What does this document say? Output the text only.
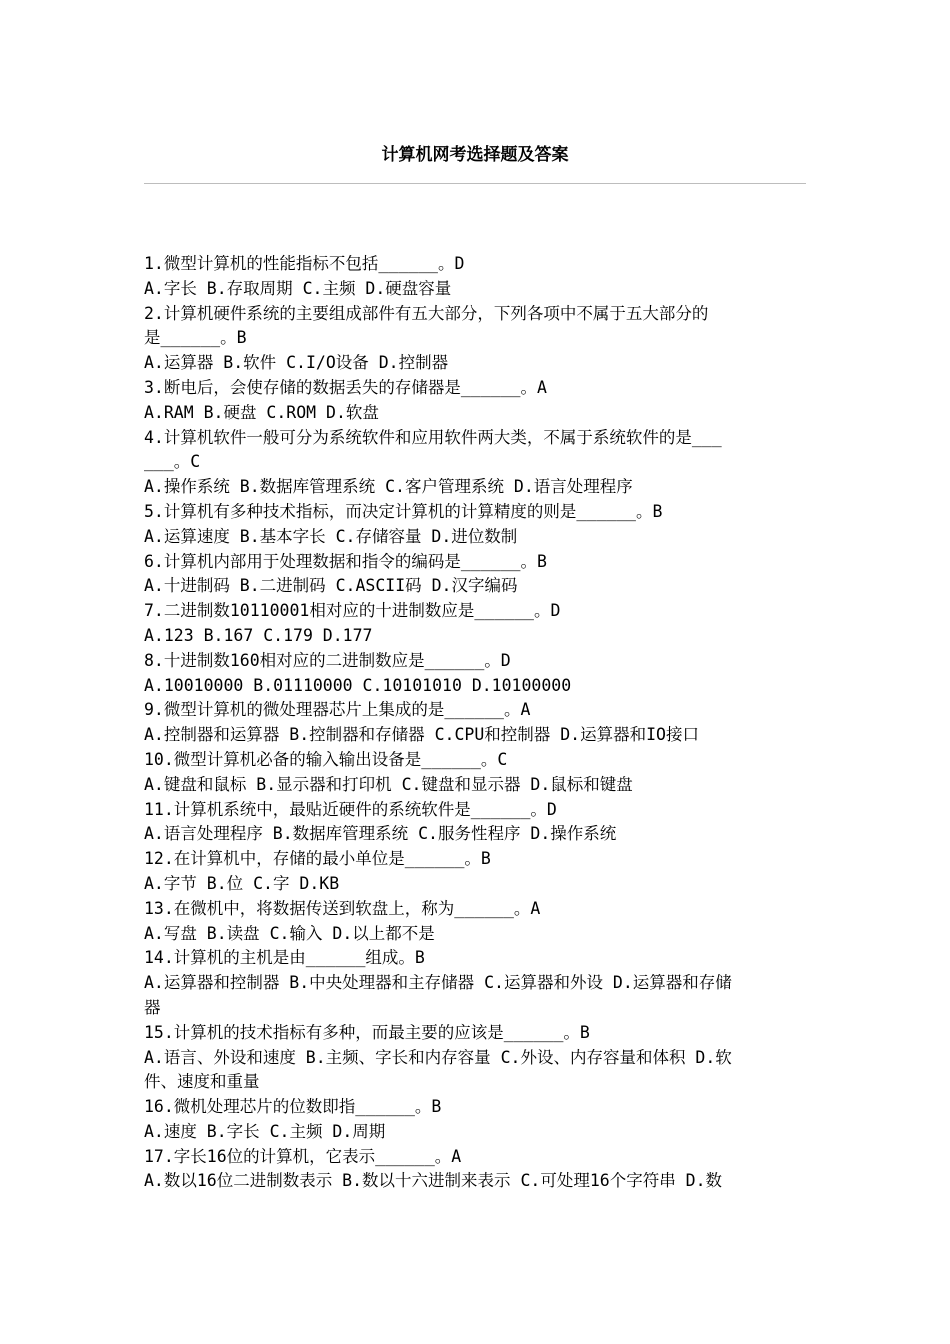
计算机网考选择题及答案
1.微型计算机的性能指标不包括______。D
A.字长 B.存取周期 C.主频 D.硬盘容量
2.计算机硬件系统的主要组成部件有五大部分，下列各项中不属于五大部分的
是______。B
A.运算器 B.软件 C.I/O设备 D.控制器
3.断电后，会使存储的数据丢失的存储器是______。A
A.RAM B.硬盘 C.ROM D.软盘
4.计算机软件一般可分为系统软件和应用软件两大类，不属于系统软件的是___
___。C
A.操作系统 B.数据库管理系统 C.客户管理系统 D.语言处理程序
5.计算机有多种技术指标，而决定计算机的计算精度的则是______。B
A.运算速度 B.基本字长 C.存储容量 D.进位数制
6.计算机内部用于处理数据和指令的编码是______。B
A.十进制码 B.二进制码 C.ASCII码 D.汉字编码
7.二进制数10110001相对应的十进制数应是______。D
A.123 B.167 C.179 D.177
8.十进制数160相对应的二进制数应是______。D
A.10010000 B.01110000 C.10101010 D.10100000
9.微型计算机的微处理器芯片上集成的是______。A
A.控制器和运算器 B.控制器和存储器 C.CPU和控制器 D.运算器和IO接口
10.微型计算机必备的输入输出设备是______。C
A.键盘和鼠标 B.显示器和打印机 C.键盘和显示器 D.鼠标和键盘
11.计算机系统中，最贴近硬件的系统软件是______。D
A.语言处理程序 B.数据库管理系统 C.服务性程序 D.操作系统
12.在计算机中，存储的最小单位是______。B
A.字节 B.位 C.字 D.KB
13.在微机中，将数据传送到软盘上，称为______。A
A.写盘 B.读盘 C.输入 D.以上都不是
14.计算机的主机是由______组成。B
A.运算器和控制器 B.中央处理器和主存储器 C.运算器和外设 D.运算器和存储
器
15.计算机的技术指标有多种，而最主要的应该是______。B
A.语言、外设和速度 B.主频、字长和内存容量 C.外设、内存容量和体积 D.软
件、速度和重量
16.微机处理芯片的位数即指______。B
A.速度 B.字长 C.主频 D.周期
17.字长16位的计算机，它表示______。A
A.数以16位二进制数表示 B.数以十六进制来表示 C.可处理16个字符串 D.数
